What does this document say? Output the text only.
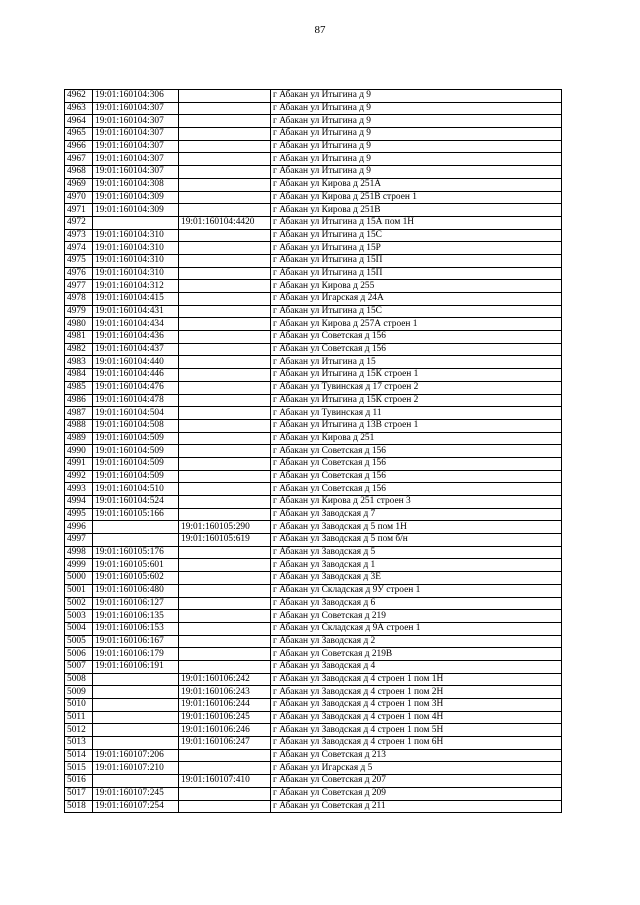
87
4962	19:01:160104:306		г Абакан ул Итыгина д 9
4963	19:01:160104:307		г Абакан ул Итыгина д 9
4964	19:01:160104:307		г Абакан ул Итыгина д 9
4965	19:01:160104:307		г Абакан ул Итыгина д 9
4966	19:01:160104:307		г Абакан ул Итыгина д 9
4967	19:01:160104:307		г Абакан ул Итыгина д 9
4968	19:01:160104:307		г Абакан ул Итыгина д 9
4969	19:01:160104:308		г Абакан ул Кирова д 251А
4970	19:01:160104:309		г Абакан ул Кирова д 251В строен 1
4971	19:01:160104:309		г Абакан ул Кирова д 251В
4972		19:01:160104:4420	г Абакан ул Итыгина д 15А пом 1Н
4973	19:01:160104:310		г Абакан ул Итыгина д 15С
4974	19:01:160104:310		г Абакан ул Итыгина д 15Р
4975	19:01:160104:310		г Абакан ул Итыгина д 15П
4976	19:01:160104:310		г Абакан ул Итыгина д 15П
4977	19:01:160104:312		г Абакан ул Кирова д 255
4978	19:01:160104:415		г Абакан ул Игарская д 24А
4979	19:01:160104:431		г Абакан ул Итыгина д 15С
4980	19:01:160104:434		г Абакан ул Кирова д 257А строен 1
4981	19:01:160104:436		г Абакан ул Советская д 156
4982	19:01:160104:437		г Абакан ул Советская д 156
4983	19:01:160104:440		г Абакан ул Итыгина д 15
4984	19:01:160104:446		г Абакан ул Итыгина д 15К строен 1
4985	19:01:160104:476		г Абакан ул Тувинская д 17 строен 2
4986	19:01:160104:478		г Абакан ул Итыгина д 15К строен 2
4987	19:01:160104:504		г Абакан ул Тувинская д 11
4988	19:01:160104:508		г Абакан ул Итыгина д 13В строен 1
4989	19:01:160104:509		г Абакан ул Кирова д 251
4990	19:01:160104:509		г Абакан ул Советская д 156
4991	19:01:160104:509		г Абакан ул Советская д 156
4992	19:01:160104:509		г Абакан ул Советская д 156
4993	19:01:160104:510		г Абакан ул Советская д 156
4994	19:01:160104:524		г Абакан ул Кирова д 251 строен 3
4995	19:01:160105:166		г Абакан ул Заводская д 7
4996		19:01:160105:290	г Абакан ул Заводская д 5 пом 1Н
4997		19:01:160105:619	г Абакан ул Заводская д 5 пом б/н
4998	19:01:160105:176		г Абакан ул Заводская д 5
4999	19:01:160105:601		г Абакан ул Заводская д 1
5000	19:01:160105:602		г Абакан ул Заводская д 3Е
5001	19:01:160106:480		г Абакан ул Складская д 9У строен 1
5002	19:01:160106:127		г Абакан ул Заводская д 6
5003	19:01:160106:135		г Абакан ул Советская д 219
5004	19:01:160106:153		г Абакан ул Складская д 9А строен 1
5005	19:01:160106:167		г Абакан ул Заводская д 2
5006	19:01:160106:179		г Абакан ул Советская д 219В
5007	19:01:160106:191		г Абакан ул Заводская д 4
5008		19:01:160106:242	г Абакан ул Заводская д 4 строен 1 пом 1Н
5009		19:01:160106:243	г Абакан ул Заводская д 4 строен 1 пом 2Н
5010		19:01:160106:244	г Абакан ул Заводская д 4 строен 1 пом 3Н
5011		19:01:160106:245	г Абакан ул Заводская д 4 строен 1 пом 4Н
5012		19:01:160106:246	г Абакан ул Заводская д 4 строен 1 пом 5Н
5013		19:01:160106:247	г Абакан ул Заводская д 4 строен 1 пом 6Н
5014	19:01:160107:206		г Абакан ул Советская д 213
5015	19:01:160107:210		г Абакан ул Игарская д 5
5016		19:01:160107:410	г Абакан ул Советская д 207
5017	19:01:160107:245		г Абакан ул Советская д 209
5018	19:01:160107:254		г Абакан ул Советская д 211
